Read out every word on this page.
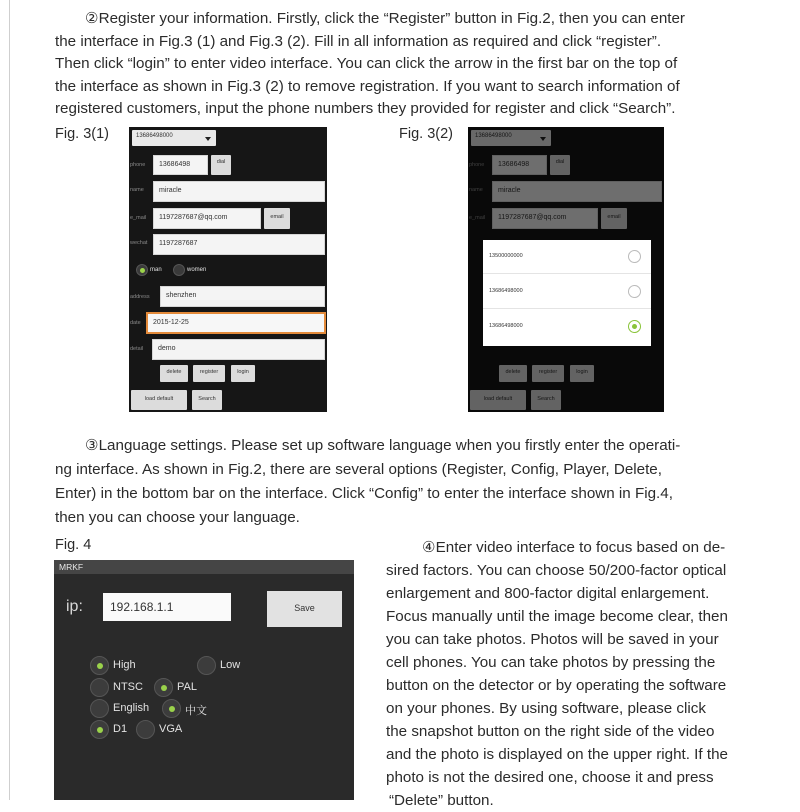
②Register your information. Firstly, click the “Register” button in Fig.2, then you can enter
the interface in Fig.3 (1) and Fig.3 (2). Fill in all information as required and click “register”.
Then click “login” to enter video interface. You can click the arrow in the first bar on the top of
the interface as shown in Fig.3 (2) to remove registration. If you want to search information of
registered customers, input the phone numbers they provided for register and click “Search”.
Fig. 3(1)	Fig. 3(2)
13686498000
phone	13686498	dial
name	miracle
e_mail	1197287687@qq.com	email
wechat	1197287687
man	women
address	shenzhen
date	2015-12-25
detail	demo
delete	register	login
load default	Search
13500000000
13686498000
13686498000
③Language settings. Please set up software language when you firstly enter the operati-
ng interface. As shown in Fig.2, there are several options (Register, Config, Player, Delete,
Enter) in the bottom bar on the interface. Click “Config” to enter the interface shown in Fig.4,
then you can choose your language.
Fig. 4
MRKF
ip:	192.168.1.1	Save
High	Low
NTSC	PAL
English	中文
D1	VGA
④Enter video interface to focus based on de-
sired factors. You can choose 50/200-factor optical
enlargement and 800-factor digital enlargement.
Focus manually until the image become clear, then
you can take photos. Photos will be saved in your
cell phones. You can take photos by pressing the
button on the detector or by operating the software
on your phones. By using software, please click
the snapshot button on the right side of the video
and the photo is displayed on the upper right. If the
photo is not the desired one, choose it and press
“Delete” button.
